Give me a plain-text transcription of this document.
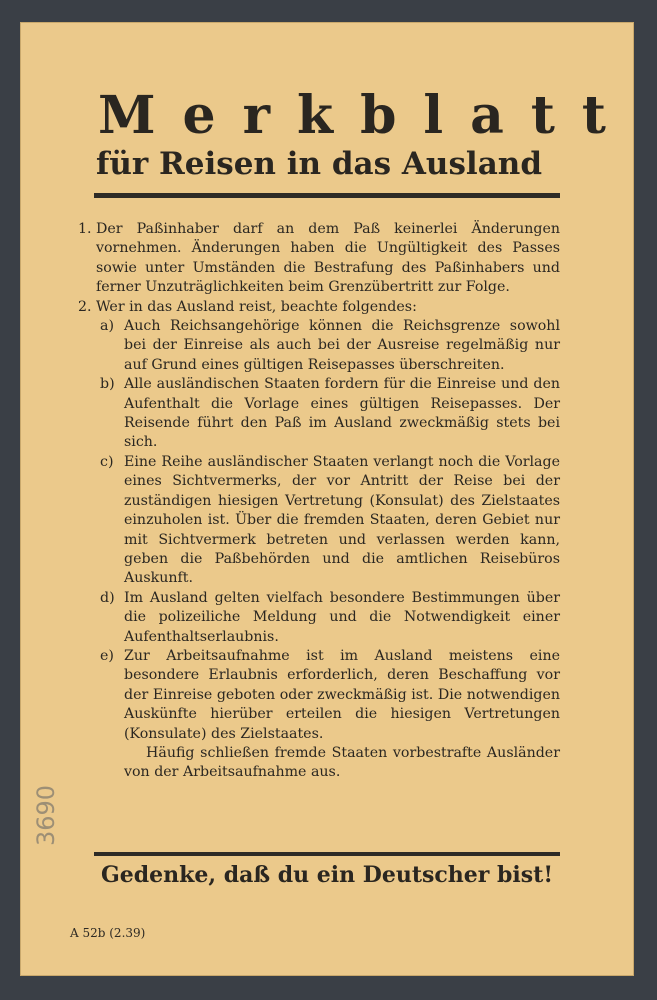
Merkblatt
für Reisen in das Ausland
1. Der Paßinhaber darf an dem Paß keinerlei Änderungen vornehmen. Änderungen haben die Ungültigkeit des Passes sowie unter Umständen die Bestrafung des Paßinhabers und ferner Unzuträglichkeiten beim Grenzübertritt zur Folge.
2. Wer in das Ausland reist, beachte folgendes:
a) Auch Reichsangehörige können die Reichsgrenze sowohl bei der Einreise als auch bei der Ausreise regelmäßig nur auf Grund eines gültigen Reisepasses überschreiten.
b) Alle ausländischen Staaten fordern für die Einreise und den Aufenthalt die Vorlage eines gültigen Reisepasses. Der Reisende führt den Paß im Ausland zweckmäßig stets bei sich.
c) Eine Reihe ausländischer Staaten verlangt noch die Vorlage eines Sichtvermerks, der vor Antritt der Reise bei der zuständigen hiesigen Vertretung (Konsulat) des Zielstaates einzuholen ist. Über die fremden Staaten, deren Gebiet nur mit Sichtvermerk betreten und verlassen werden kann, geben die Paßbehörden und die amtlichen Reisebüros Auskunft.
d) Im Ausland gelten vielfach besondere Bestimmungen über die polizeiliche Meldung und die Notwendigkeit einer Aufenthaltserlaubnis.
e) Zur Arbeitsaufnahme ist im Ausland meistens eine besondere Erlaubnis erforderlich, deren Beschaffung vor der Einreise geboten oder zweckmäßig ist. Die notwendigen Auskünfte hierüber erteilen die hiesigen Vertretungen (Konsulate) des Zielstaates.
Häufig schließen fremde Staaten vorbestrafte Ausländer von der Arbeitsaufnahme aus.
Gedenke, daß du ein Deutscher bist!
A 52b (2.39)
3690
